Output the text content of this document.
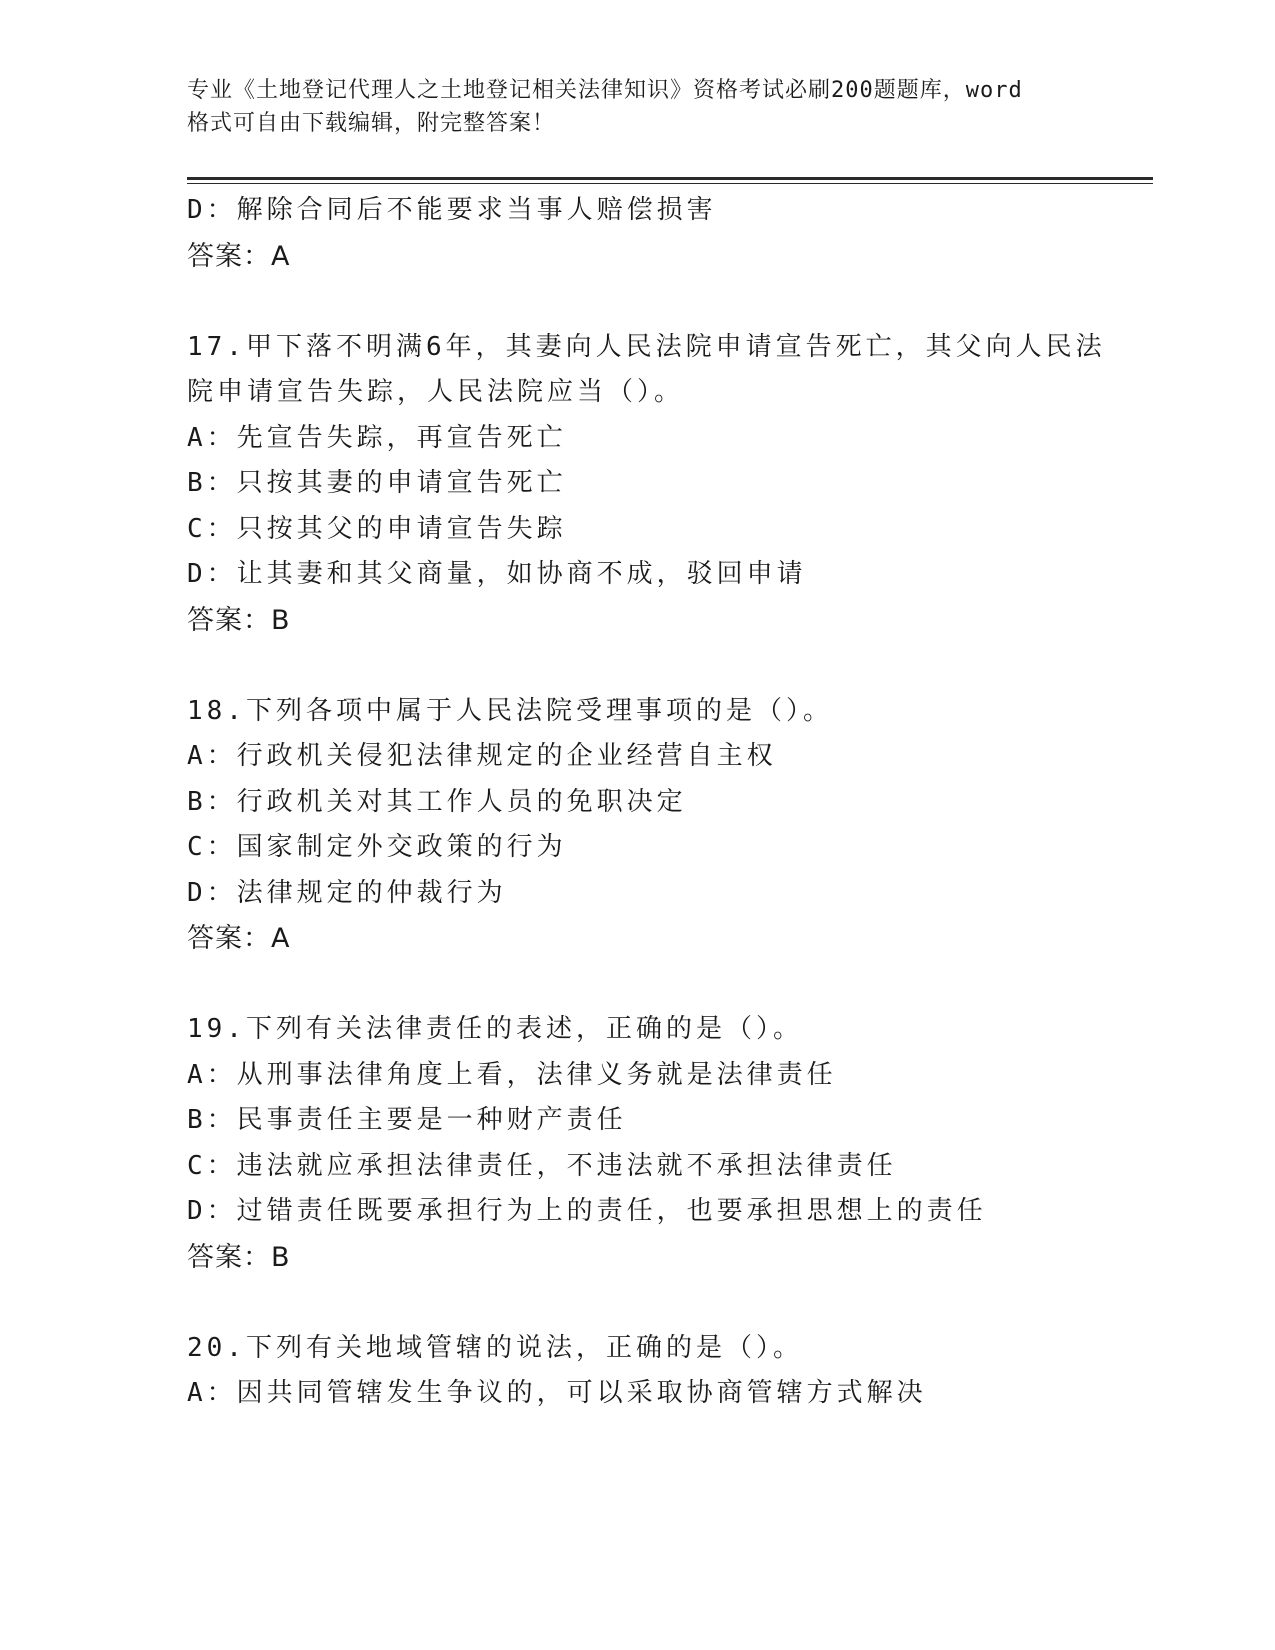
专业《土地登记代理人之土地登记相关法律知识》资格考试必刷200题题库，word
格式可自由下载编辑，附完整答案！
D：解除合同后不能要求当事人赔偿损害
答案：A
17.甲下落不明满6年，其妻向人民法院申请宣告死亡，其父向人民法
院申请宣告失踪，人民法院应当（）。
A：先宣告失踪，再宣告死亡
B：只按其妻的申请宣告死亡
C：只按其父的申请宣告失踪
D：让其妻和其父商量，如协商不成，驳回申请
答案：B
18.下列各项中属于人民法院受理事项的是（）。
A：行政机关侵犯法律规定的企业经营自主权
B：行政机关对其工作人员的免职决定
C：国家制定外交政策的行为
D：法律规定的仲裁行为
答案：A
19.下列有关法律责任的表述，正确的是（）。
A：从刑事法律角度上看，法律义务就是法律责任
B：民事责任主要是一种财产责任
C：违法就应承担法律责任，不违法就不承担法律责任
D：过错责任既要承担行为上的责任，也要承担思想上的责任
答案：B
20.下列有关地域管辖的说法，正确的是（）。
A：因共同管辖发生争议的，可以采取协商管辖方式解决
